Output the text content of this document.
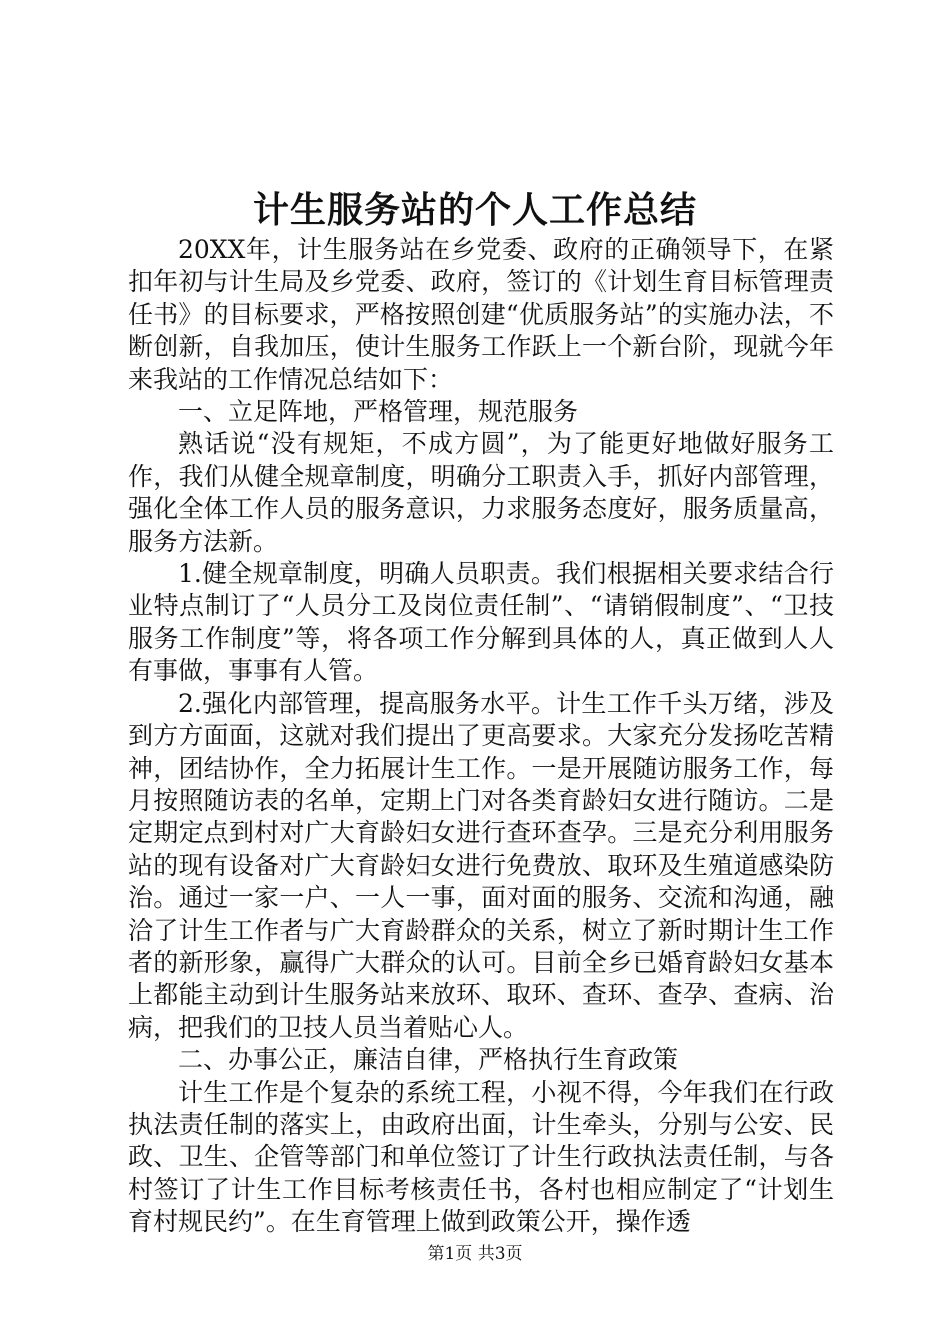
计生服务站的个人工作总结

20XX年，计生服务站在乡党委、政府的正确领导下，在紧扣年初与计生局及乡党委、政府，签订的《计划生育目标管理责任书》的目标要求，严格按照创建“优质服务站”的实施办法，不断创新，自我加压，使计生服务工作跃上一个新台阶，现就今年来我站的工作情况总结如下：

一、立足阵地，严格管理，规范服务

熟话说“没有规矩，不成方圆”，为了能更好地做好服务工作，我们从健全规章制度，明确分工职责入手，抓好内部管理，强化全体工作人员的服务意识，力求服务态度好，服务质量高，服务方法新。

1.健全规章制度，明确人员职责。我们根据相关要求结合行业特点制订了“人员分工及岗位责任制”、“请销假制度”、“卫技服务工作制度”等，将各项工作分解到具体的人，真正做到人人有事做，事事有人管。

2.强化内部管理，提高服务水平。计生工作千头万绪，涉及到方方面面，这就对我们提出了更高要求。大家充分发扬吃苦精神，团结协作，全力拓展计生工作。一是开展随访服务工作，每月按照随访表的名单，定期上门对各类育龄妇女进行随访。二是定期定点到村对广大育龄妇女进行查环查孕。三是充分利用服务站的现有设备对广大育龄妇女进行免费放、取环及生殖道感染防治。通过一家一户、一人一事，面对面的服务、交流和沟通，融洽了计生工作者与广大育龄群众的关系，树立了新时期计生工作者的新形象，赢得广大群众的认可。目前全乡已婚育龄妇女基本上都能主动到计生服务站来放环、取环、查环、查孕、查病、治病，把我们的卫技人员当着贴心人。

二、办事公正，廉洁自律，严格执行生育政策

计生工作是个复杂的系统工程，小视不得，今年我们在行政执法责任制的落实上，由政府出面，计生牵头，分别与公安、民政、卫生、企管等部门和单位签订了计生行政执法责任制，与各村签订了计生工作目标考核责任书，各村也相应制定了“计划生育村规民约”。在生育管理上做到政策公开，操作透

第1页 共3页
